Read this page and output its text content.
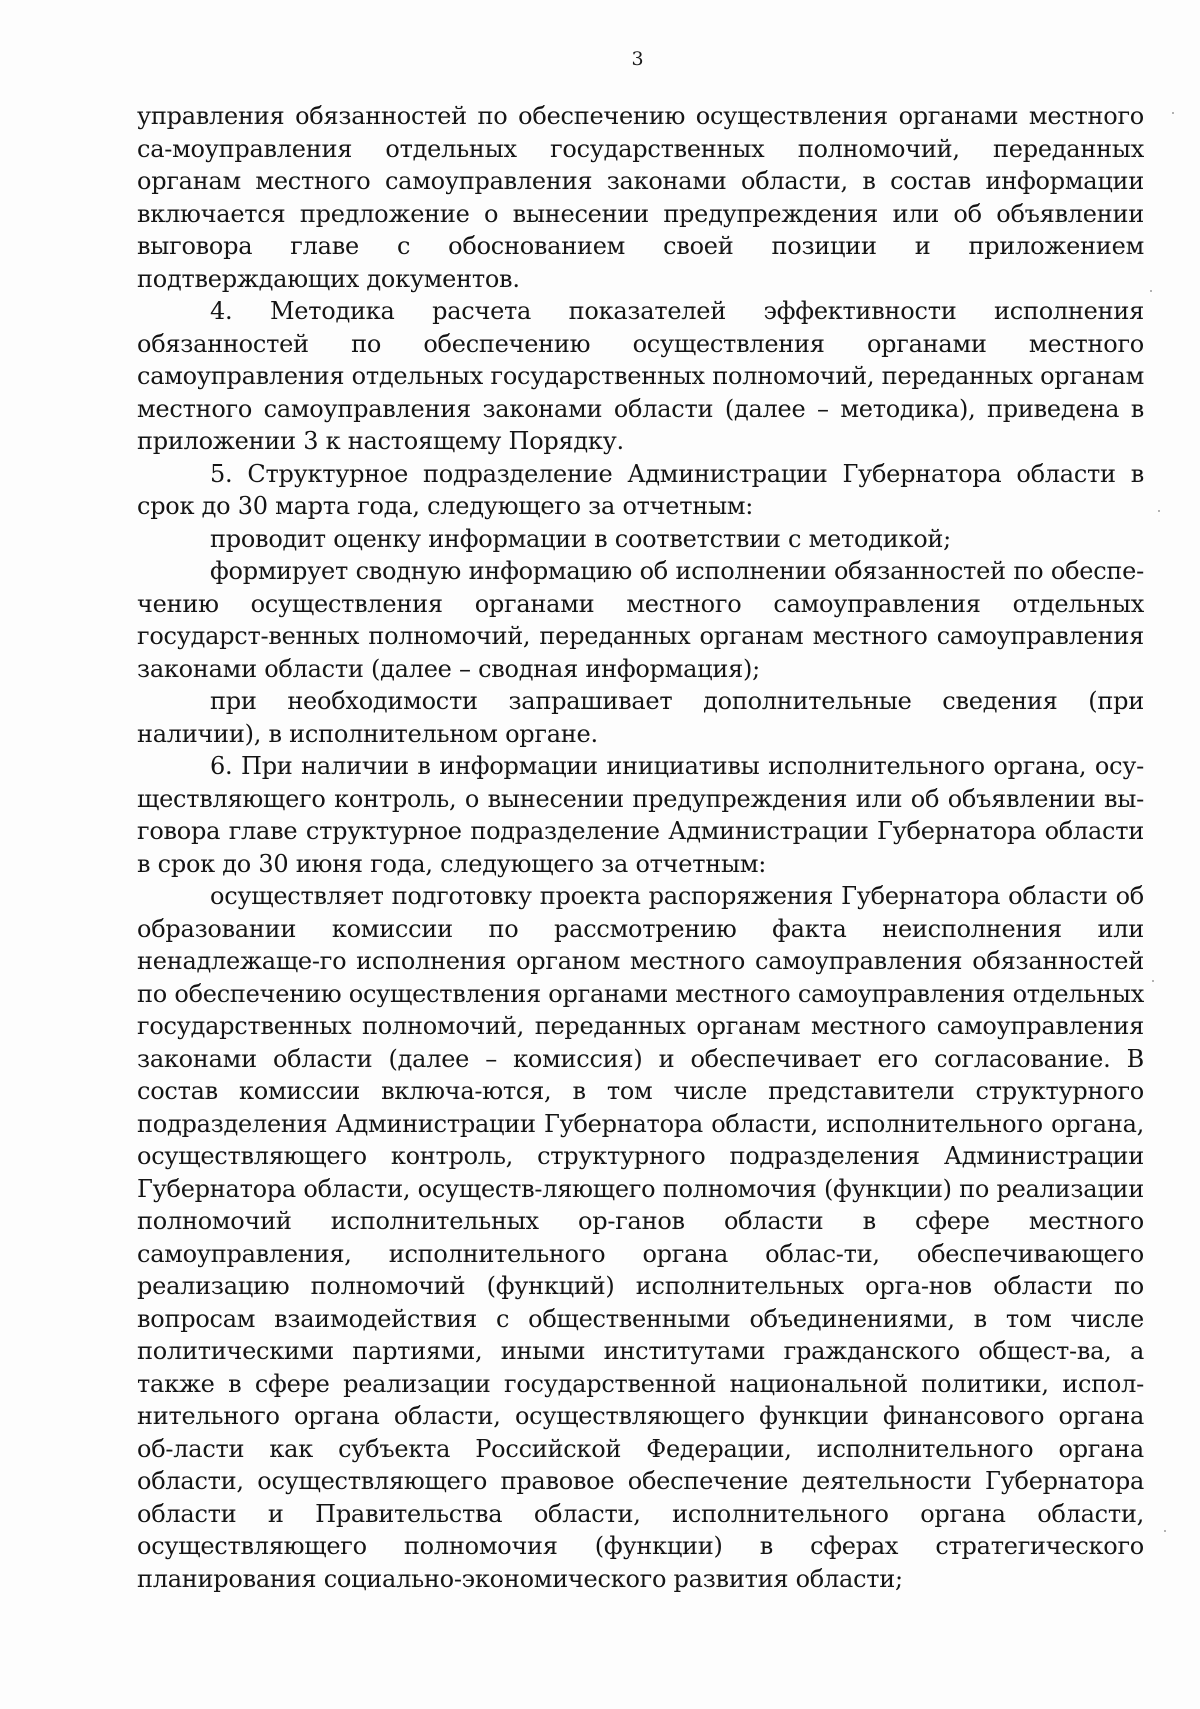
3

управления обязанностей по обеспечению осуществления органами местного са-моуправления отдельных государственных полномочий, переданных органам местного самоуправления законами области, в состав информации включается предложение о вынесении предупреждения или об объявлении выговора главе с обоснованием своей позиции и приложением подтверждающих документов.

4. Методика расчета показателей эффективности исполнения обязанностей по обеспечению осуществления органами местного самоуправления отдельных государственных полномочий, переданных органам местного самоуправления законами области (далее – методика), приведена в приложении 3 к настоящему Порядку.

5. Структурное подразделение Администрации Губернатора области в срок до 30 марта года, следующего за отчетным:

проводит оценку информации в соответствии с методикой;

формирует сводную информацию об исполнении обязанностей по обеспе-чению осуществления органами местного самоуправления отдельных государст-венных полномочий, переданных органам местного самоуправления законами области (далее – сводная информация);

при необходимости запрашивает дополнительные сведения (при наличии), в исполнительном органе.

6. При наличии в информации инициативы исполнительного органа, осу-ществляющего контроль, о вынесении предупреждения или об объявлении вы-говора главе структурное подразделение Администрации Губернатора области в срок до 30 июня года, следующего за отчетным:

осуществляет подготовку проекта распоряжения Губернатора области об образовании комиссии по рассмотрению факта неисполнения или ненадлежаще-го исполнения органом местного самоуправления обязанностей по обеспечению осуществления органами местного самоуправления отдельных государственных полномочий, переданных органам местного самоуправления законами области (далее – комиссия) и обеспечивает его согласование. В состав комиссии включа-ются, в том числе представители структурного подразделения Администрации Губернатора области, исполнительного органа, осуществляющего контроль, структурного подразделения Администрации Губернатора области, осуществ-ляющего полномочия (функции) по реализации полномочий исполнительных ор-ганов области в сфере местного самоуправления, исполнительного органа облас-ти, обеспечивающего реализацию полномочий (функций) исполнительных орга-нов области по вопросам взаимодействия с общественными объединениями, в том числе политическими партиями, иными институтами гражданского общест-ва, а также в сфере реализации государственной национальной политики, испол-нительного органа области, осуществляющего функции финансового органа об-ласти как субъекта Российской Федерации, исполнительного органа области, осуществляющего правовое обеспечение деятельности Губернатора области и Правительства области, исполнительного органа области, осуществляющего полномочия (функции) в сферах стратегического планирования социально-экономического развития области;
